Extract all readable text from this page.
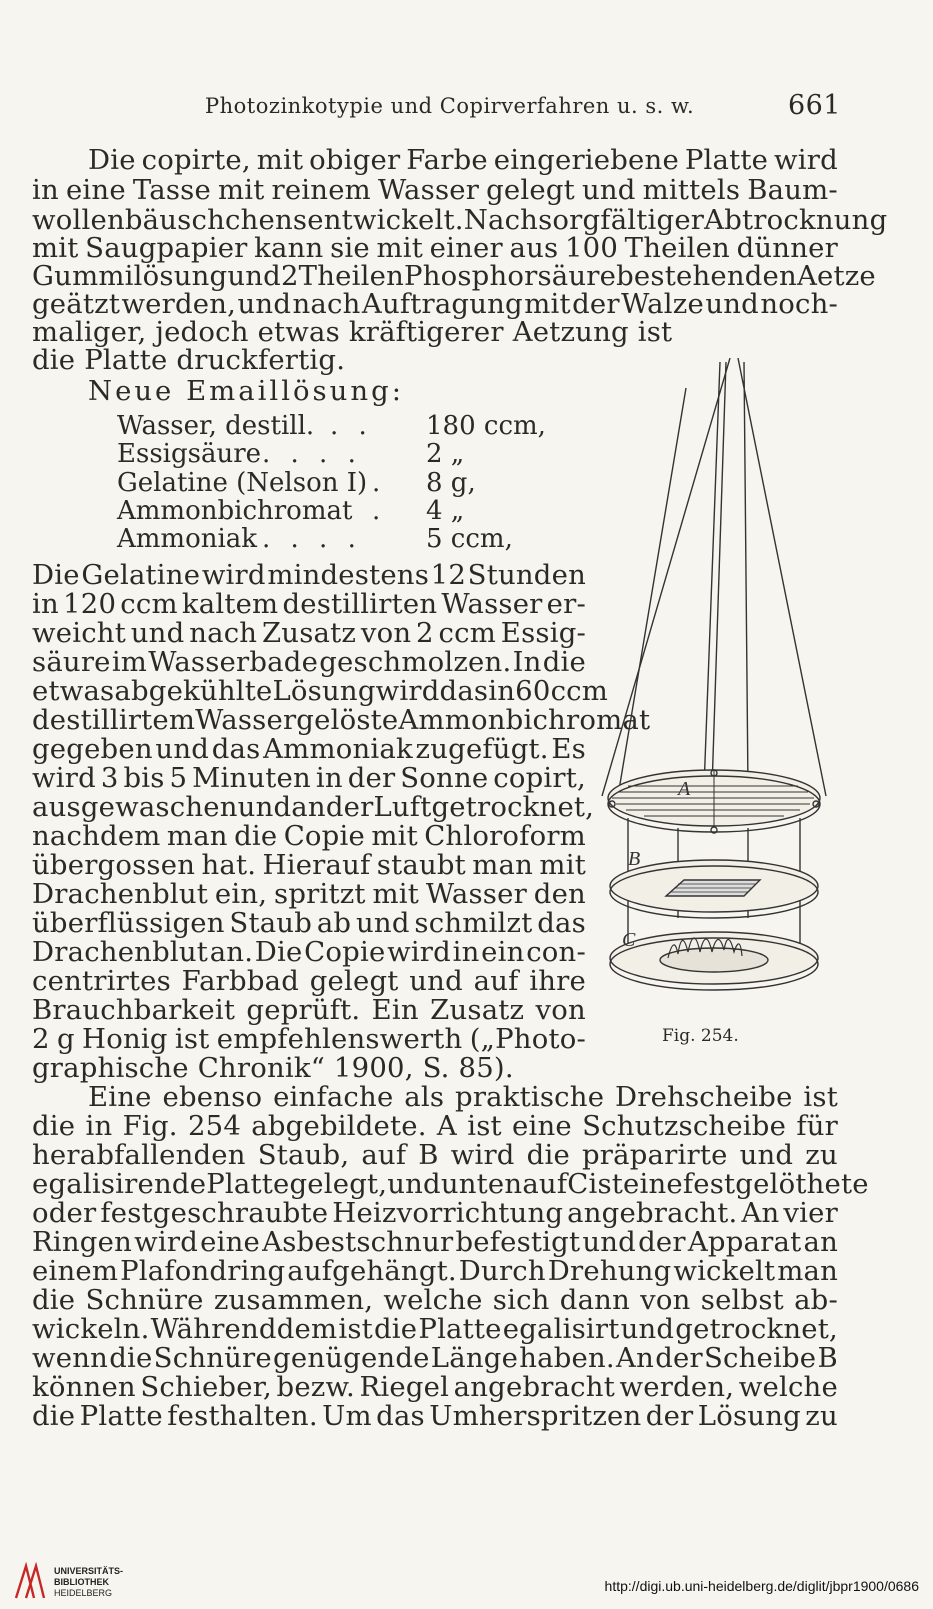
Photozinkotypie und Copirverfahren u. s. w.	661
Die copirte, mit obiger Farbe eingeriebene Platte wird
in eine Tasse mit reinem Wasser gelegt und mittels Baum-
wollenbäuschchens entwickelt. Nach sorgfältiger Abtrocknung
mit Saugpapier kann sie mit einer aus 100 Theilen dünner
Gummilösung und 2 Theilen Phosphorsäure bestehenden Aetze
geätzt werden, und nach Auftragung mit der Walze und noch-
maliger, jedoch etwas kräftigerer Aetzung ist
die Platte druckfertig.
Neue Emaillösung:
Wasser, destill. . . 180 ccm,
Essigsäure . . . . 2 „
Gelatine (Nelson I) . 8 g,
Ammonbichromat . 4 „
Ammoniak . . . . 5 ccm,
Die Gelatine wird mindestens 12 Stunden
in 120 ccm kaltem destillirten Wasser er-
weicht und nach Zusatz von 2 ccm Essig-
säure im Wasserbade geschmolzen. In die
etwas abgekühlte Lösung wird das in 60 ccm
destillirtem Wasser gelöste Ammonbichromat
gegeben und das Ammoniak zugefügt. Es
wird 3 bis 5 Minuten in der Sonne copirt,
ausgewaschen und an der Luft getrocknet,
nachdem man die Copie mit Chloroform
übergossen hat. Hierauf staubt man mit
Drachenblut ein, spritzt mit Wasser den
überflüssigen Staub ab und schmilzt das
Drachenblut an. Die Copie wird in ein con-
centrirtes Farbbad gelegt und auf ihre
Brauchbarkeit geprüft. Ein Zusatz von
2 g Honig ist empfehlenswerth („Photo-
graphische Chronik“ 1900, S. 85).
Eine ebenso einfache als praktische Drehscheibe ist
die in Fig. 254 abgebildete. A ist eine Schutzscheibe für
herabfallenden Staub, auf B wird die präparirte und zu
egalisirende Platte gelegt, und unten auf C ist eine festgelöthete
oder festgeschraubte Heizvorrichtung angebracht. An vier
Ringen wird eine Asbestschnur befestigt und der Apparat an
einem Plafondring aufgehängt. Durch Drehung wickelt man
die Schnüre zusammen, welche sich dann von selbst ab-
wickeln. Währenddem ist die Platte egalisirt und getrocknet,
wenn die Schnüre genügende Länge haben. An der Scheibe B
können Schieber, bezw. Riegel angebracht werden, welche
die Platte festhalten. Um das Umherspritzen der Lösung zu
A
B
C
Fig. 254.
UNIVERSITÄTS-
BIBLIOTHEK
HEIDELBERG	http://digi.ub.uni-heidelberg.de/diglit/jbpr1900/0686
